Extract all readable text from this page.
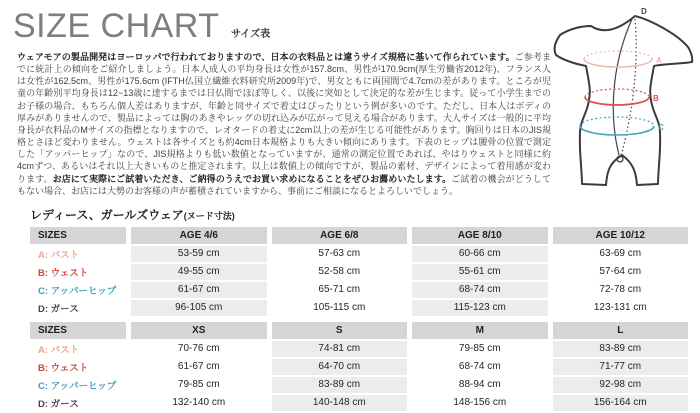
SIZE CHART サイズ表
A
B
C
D

ウェアモアの製品開発はヨーロッパで行われておりますので、日本の衣料品とは違うサイズ規格に基いて作られています。ご参考までに統計上の傾向をご紹介しましょう。日本人成人の平均身長は女性が157.8cm、男性が170.9cm(厚生労働省2012年)、フランス人は女性が162.5cm、男性が175.6cm (IFTH仏国立繊維衣料研究所2009年)で、男女ともに両国間で4.7cmの差があります。ところが児童の年齢別平均身長は12~13歳に達するまでは日仏間でほぼ等しく、以後に突如として決定的な差が生じます。従って小学生までのお子様の場合、もちろん個人差はありますが、年齢と同サイズで着丈はぴったりという例が多いのです。ただし、日本人はボディの厚みがありませんので、製品によっては胸のあきやレッグの切れ込みが広がって見える場合があります。大人サイズは一般的に平均身長が衣料品のMサイズの指標となりますので、レオタードの着丈に2cm以上の差が生じる可能性があります。胸回りは日本のJIS規格とさほど変わりません。ウェストは各サイズとも約4cm日本規格よりも大きい傾向にあります。下表のヒップは腰骨の位置で測定した「アッパーヒップ」なので、JIS規格よりも低い数値となっていますが、通常の測定位置であれば、やはりウェストと同様に約4cmずつ、あるいはそれ以上大きいものと推定されます。以上は数値上の傾向ですが、製品の素材、デザインによって着用感が変わります。お店にて実際にご試着いただき、ご納得のうえでお買い求めになることをぜひお薦めいたします。ご試着の機会がどうしてもない場合、お店には大勢のお客様の声が蓄積されていますから、事前にご相談になるとよろしいでしょう。

レディース、ガールズウェア(ヌード寸法)
SIZES	AGE 4/6	AGE 6/8	AGE 8/10	AGE 10/12
A: バスト	53-59 cm	57-63 cm	60-66 cm	63-69 cm
B: ウェスト	49-55 cm	52-58 cm	55-61 cm	57-64 cm
C: アッパーヒップ	61-67 cm	65-71 cm	68-74 cm	72-78 cm
D: ガース	96-105 cm	105-115 cm	115-123 cm	123-131 cm
SIZES	XS	S	M	L
A: バスト	70-76 cm	74-81 cm	79-85 cm	83-89 cm
B: ウェスト	61-67 cm	64-70 cm	68-74 cm	71-77 cm
C: アッパーヒップ	79-85 cm	83-89 cm	88-94 cm	92-98 cm
D: ガース	132-140 cm	140-148 cm	148-156 cm	156-164 cm
